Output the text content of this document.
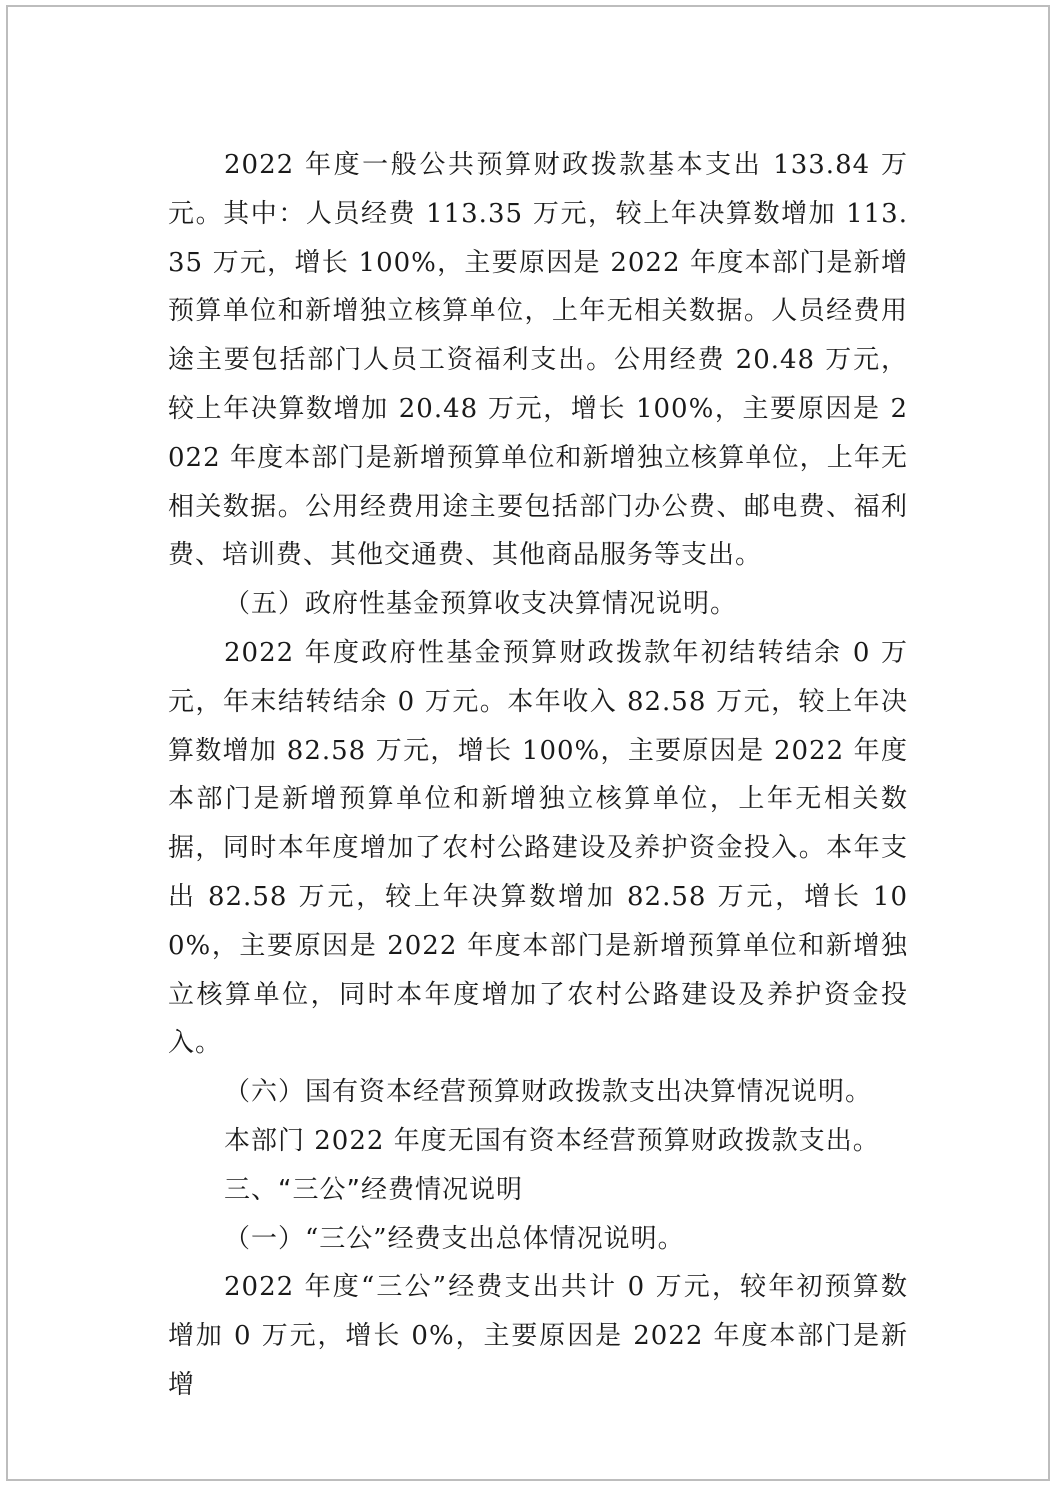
2022 年度一般公共预算财政拨款基本支出 133.84 万元。其中：人员经费 113.35 万元，较上年决算数增加 113.35 万元，增长 100%，主要原因是 2022 年度本部门是新增预算单位和新增独立核算单位，上年无相关数据。人员经费用途主要包括部门人员工资福利支出。公用经费 20.48 万元，较上年决算数增加 20.48 万元，增长 100%，主要原因是 2022 年度本部门是新增预算单位和新增独立核算单位，上年无相关数据。公用经费用途主要包括部门办公费、邮电费、福利费、培训费、其他交通费、其他商品服务等支出。

（五）政府性基金预算收支决算情况说明。

2022 年度政府性基金预算财政拨款年初结转结余 0 万元，年末结转结余 0 万元。本年收入 82.58 万元，较上年决算数增加 82.58 万元，增长 100%，主要原因是 2022 年度本部门是新增预算单位和新增独立核算单位，上年无相关数据，同时本年度增加了农村公路建设及养护资金投入。本年支出 82.58 万元，较上年决算数增加 82.58 万元，增长 100%，主要原因是 2022 年度本部门是新增预算单位和新增独立核算单位，同时本年度增加了农村公路建设及养护资金投入。

（六）国有资本经营预算财政拨款支出决算情况说明。

本部门 2022 年度无国有资本经营预算财政拨款支出。

三、“三公”经费情况说明

（一）“三公”经费支出总体情况说明。

2022 年度“三公”经费支出共计 0 万元，较年初预算数增加 0 万元，增长 0%，主要原因是 2022 年度本部门是新增
